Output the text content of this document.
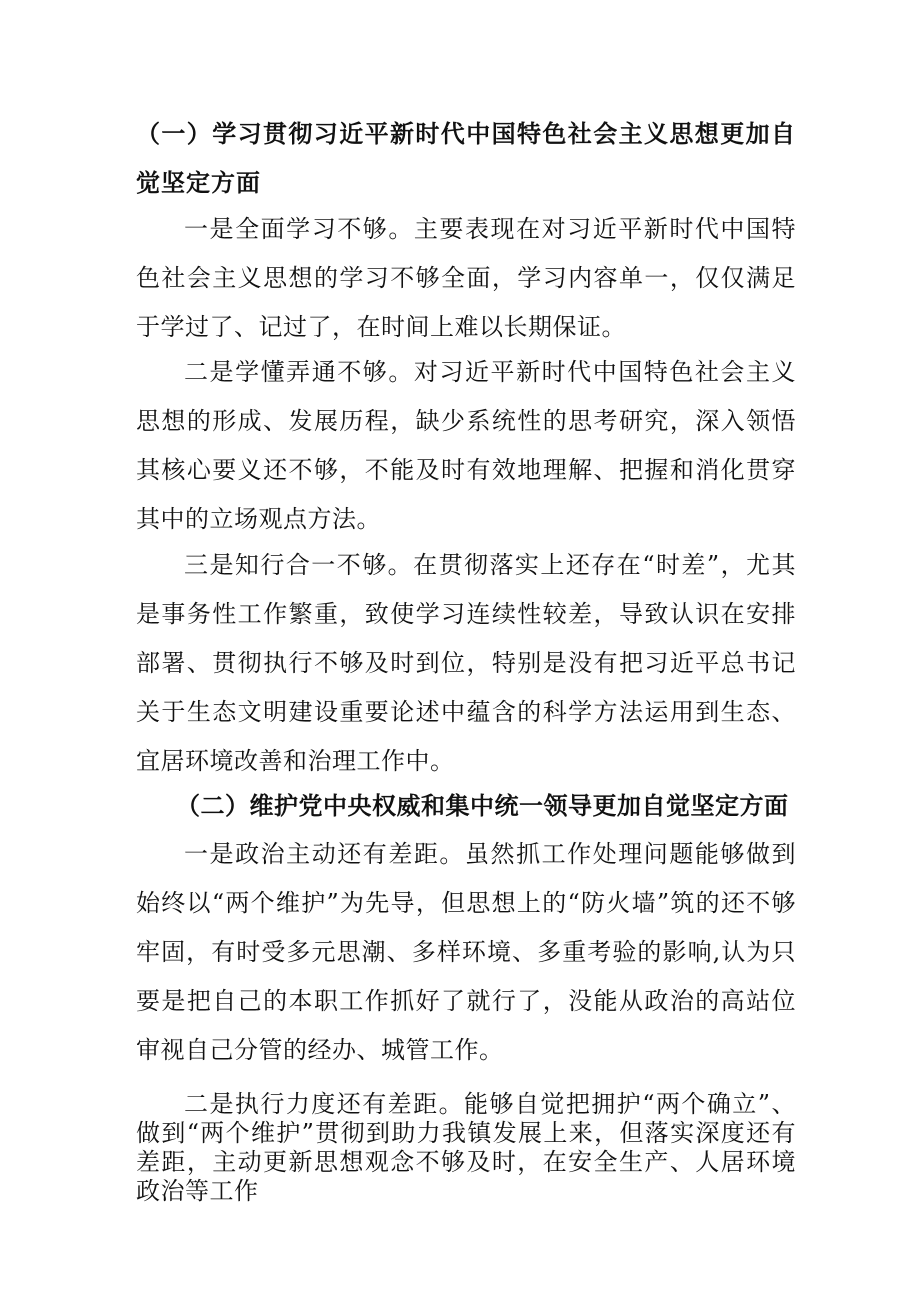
（一）学习贯彻习近平新时代中国特色社会主义思想更加自觉坚定方面

一是全面学习不够。主要表现在对习近平新时代中国特色社会主义思想的学习不够全面，学习内容单一，仅仅满足于学过了、记过了，在时间上难以长期保证。

二是学懂弄通不够。对习近平新时代中国特色社会主义思想的形成、发展历程，缺少系统性的思考研究，深入领悟其核心要义还不够，不能及时有效地理解、把握和消化贯穿其中的立场观点方法。

三是知行合一不够。在贯彻落实上还存在“时差”，尤其是事务性工作繁重，致使学习连续性较差，导致认识在安排部署、贯彻执行不够及时到位，特别是没有把习近平总书记关于生态文明建设重要论述中蕴含的科学方法运用到生态、宜居环境改善和治理工作中。

（二）维护党中央权威和集中统一领导更加自觉坚定方面

一是政治主动还有差距。虽然抓工作处理问题能够做到始终以“两个维护”为先导，但思想上的“防火墙”筑的还不够牢固，有时受多元思潮、多样环境、多重考验的影响,认为只要是把自己的本职工作抓好了就行了，没能从政治的高站位审视自己分管的经办、城管工作。

二是执行力度还有差距。能够自觉把拥护“两个确立”、做到“两个维护”贯彻到助力我镇发展上来，但落实深度还有差距，主动更新思想观念不够及时，在安全生产、人居环境政治等工作
